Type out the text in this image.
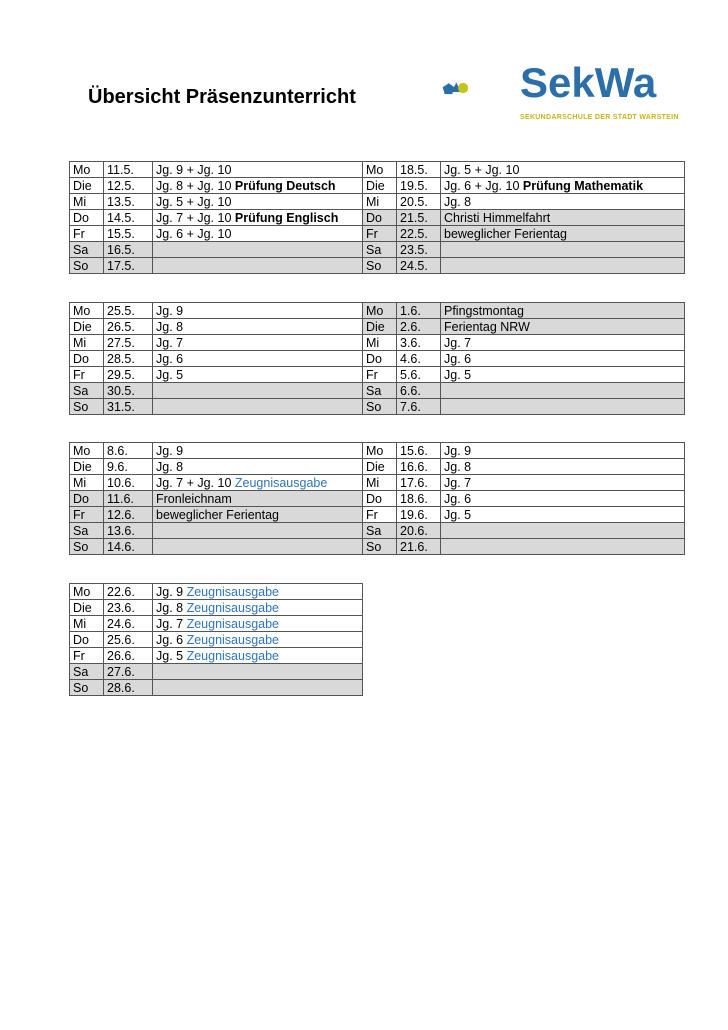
Übersicht Präsenzunterricht	SekWa
SEKUNDARSCHULE DER STADT WARSTEIN
Mo	11.5.	Jg. 9 + Jg. 10	Mo	18.5.	Jg. 5 + Jg. 10
Die	12.5.	Jg. 8 + Jg. 10 Prüfung Deutsch	Die	19.5.	Jg. 6 + Jg. 10 Prüfung Mathematik
Mi	13.5.	Jg. 5 + Jg. 10	Mi	20.5.	Jg. 8
Do	14.5.	Jg. 7 + Jg. 10 Prüfung Englisch	Do	21.5.	Christi Himmelfahrt
Fr	15.5.	Jg. 6 + Jg. 10	Fr	22.5.	beweglicher Ferientag
Sa	16.5.		Sa	23.5.	
So	17.5.		So	24.5.	
Mo	25.5.	Jg. 9	Mo	1.6.	Pfingstmontag
Die	26.5.	Jg. 8	Die	2.6.	Ferientag NRW
Mi	27.5.	Jg. 7	Mi	3.6.	Jg. 7
Do	28.5.	Jg. 6	Do	4.6.	Jg. 6
Fr	29.5.	Jg. 5	Fr	5.6.	Jg. 5
Sa	30.5.		Sa	6.6.	
So	31.5.		So	7.6.	
Mo	8.6.	Jg. 9	Mo	15.6.	Jg. 9
Die	9.6.	Jg. 8	Die	16.6.	Jg. 8
Mi	10.6.	Jg. 7 + Jg. 10 Zeugnisausgabe	Mi	17.6.	Jg. 7
Do	11.6.	Fronleichnam	Do	18.6.	Jg. 6
Fr	12.6.	beweglicher Ferientag	Fr	19.6.	Jg. 5
Sa	13.6.		Sa	20.6.	
So	14.6.		So	21.6.	
Mo	22.6.	Jg. 9 Zeugnisausgabe
Die	23.6.	Jg. 8 Zeugnisausgabe
Mi	24.6.	Jg. 7 Zeugnisausgabe
Do	25.6.	Jg. 6 Zeugnisausgabe
Fr	26.6.	Jg. 5 Zeugnisausgabe
Sa	27.6.	
So	28.6.	
